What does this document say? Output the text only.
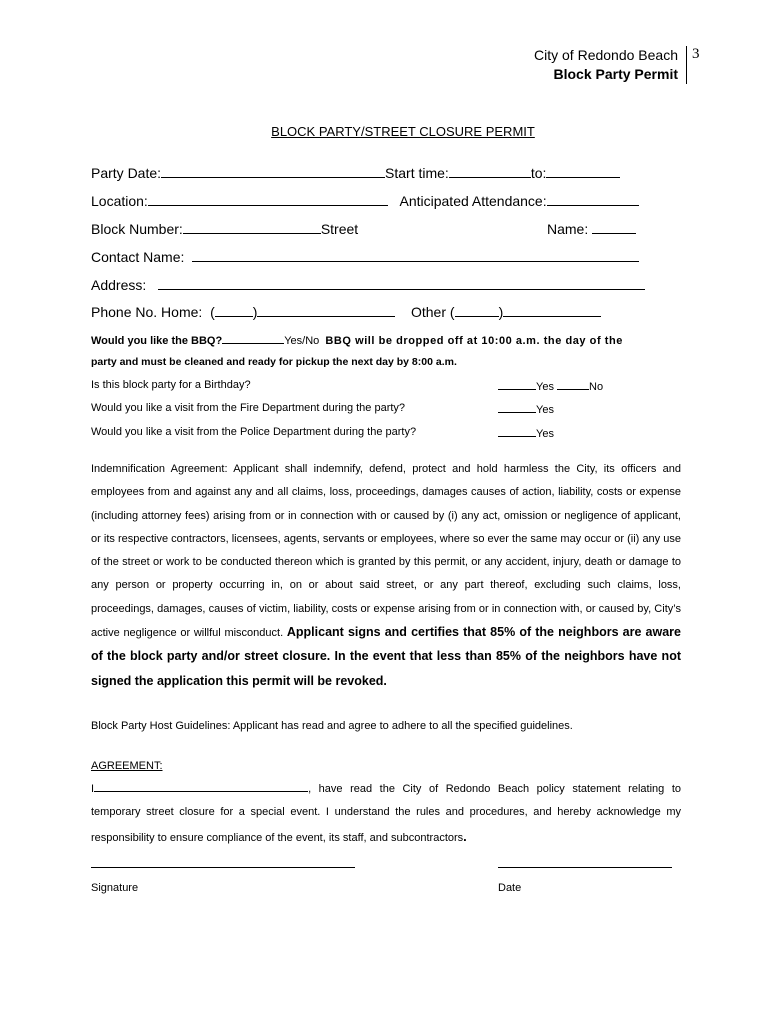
City of Redondo Beach
Block Party Permit
3
BLOCK PARTY/STREET CLOSURE PERMIT
Party Date:	Start time:	to:
Location:	Anticipated Attendance:
Block Number:	Street	Name:
Contact Name:
Address:
Phone No. Home: (	)	Other (	)
Would you like the BBQ?	Yes/No BBQ will be dropped off at 10:00 a.m. the day of the
party and must be cleaned and ready for pickup the next day by 8:00 a.m.
Is this block party for a Birthday?	Yes	No
Would you like a visit from the Fire Department during the party?	Yes
Would you like a visit from the Police Department during the party?	Yes
Indemnification Agreement: Applicant shall indemnify, defend, protect and hold harmless the City, its officers and employees from and against any and all claims, loss, proceedings, damages causes of action, liability, costs or expense (including attorney fees) arising from or in connection with or caused by (i) any act, omission or negligence of applicant, or its respective contractors, licensees, agents, servants or employees, where so ever the same may occur or (ii) any use of the street or work to be conducted thereon which is granted by this permit, or any accident, injury, death or damage to any person or property occurring in, on or about said street, or any part thereof, excluding such claims, loss, proceedings, damages, causes of victim, liability, costs or expense arising from or in connection with, or caused by, City’s active negligence or willful misconduct. Applicant signs and certifies that 85% of the neighbors are aware of the block party and/or street closure. In the event that less than 85% of the neighbors have not signed the application this permit will be revoked.
Block Party Host Guidelines: Applicant has read and agree to adhere to all the specified guidelines.
AGREEMENT:
I	, have read the City of Redondo Beach policy statement relating to temporary street closure for a special event. I understand the rules and procedures, and hereby acknowledge my responsibility to ensure compliance of the event, its staff, and subcontractors.
Signature	Date
